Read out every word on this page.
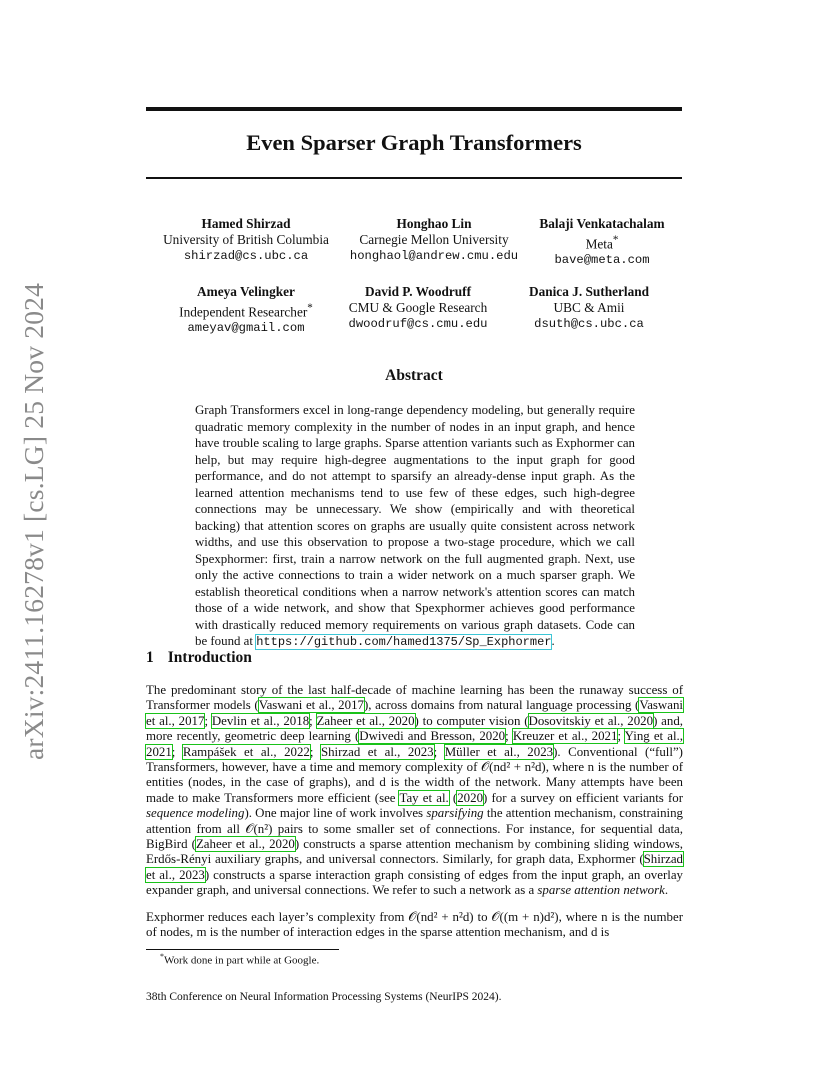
arXiv:2411.16278v1 [cs.LG] 25 Nov 2024
Even Sparser Graph Transformers
Hamed Shirzad
University of British Columbia
shirzad@cs.ubc.ca
Honghao Lin
Carnegie Mellon University
honghaol@andrew.cmu.edu
Balaji Venkatachalam
Meta*
bave@meta.com
Ameya Velingker
Independent Researcher*
ameyav@gmail.com
David P. Woodruff
CMU & Google Research
dwoodruf@cs.cmu.edu
Danica J. Sutherland
UBC & Amii
dsuth@cs.ubc.ca
Abstract
Graph Transformers excel in long-range dependency modeling, but generally require quadratic memory complexity in the number of nodes in an input graph, and hence have trouble scaling to large graphs. Sparse attention variants such as Exphormer can help, but may require high-degree augmentations to the input graph for good performance, and do not attempt to sparsify an already-dense input graph. As the learned attention mechanisms tend to use few of these edges, such high-degree connections may be unnecessary. We show (empirically and with theoretical backing) that attention scores on graphs are usually quite consistent across network widths, and use this observation to propose a two-stage procedure, which we call Spexphormer: first, train a narrow network on the full augmented graph. Next, use only the active connections to train a wider network on a much sparser graph. We establish theoretical conditions when a narrow network's attention scores can match those of a wide network, and show that Spexphormer achieves good performance with drastically reduced memory requirements on various graph datasets. Code can be found at https://github.com/hamed1375/Sp_Exphormer.
1 Introduction
The predominant story of the last half-decade of machine learning has been the runaway success of Transformer models (Vaswani et al., 2017), across domains from natural language processing (Vaswani et al., 2017; Devlin et al., 2018; Zaheer et al., 2020) to computer vision (Dosovitskiy et al., 2020) and, more recently, geometric deep learning (Dwivedi and Bresson, 2020; Kreuzer et al., 2021; Ying et al., 2021; Rampášek et al., 2022; Shirzad et al., 2023; Müller et al., 2023). Conventional (“full”) Transformers, however, have a time and memory complexity of 𝒪(nd² + n²d), where n is the number of entities (nodes, in the case of graphs), and d is the width of the network. Many attempts have been made to make Transformers more efficient (see Tay et al. (2020) for a survey on efficient variants for sequence modeling). One major line of work involves sparsifying the attention mechanism, constraining attention from all 𝒪(n²) pairs to some smaller set of connections. For instance, for sequential data, BigBird (Zaheer et al., 2020) constructs a sparse attention mechanism by combining sliding windows, Erdős-Rényi auxiliary graphs, and universal connectors. Similarly, for graph data, Exphormer (Shirzad et al., 2023) constructs a sparse interaction graph consisting of edges from the input graph, an overlay expander graph, and universal connections. We refer to such a network as a sparse attention network.
Exphormer reduces each layer’s complexity from 𝒪(nd² + n²d) to 𝒪((m + n)d²), where n is the number of nodes, m is the number of interaction edges in the sparse attention mechanism, and d is
*Work done in part while at Google.
38th Conference on Neural Information Processing Systems (NeurIPS 2024).
